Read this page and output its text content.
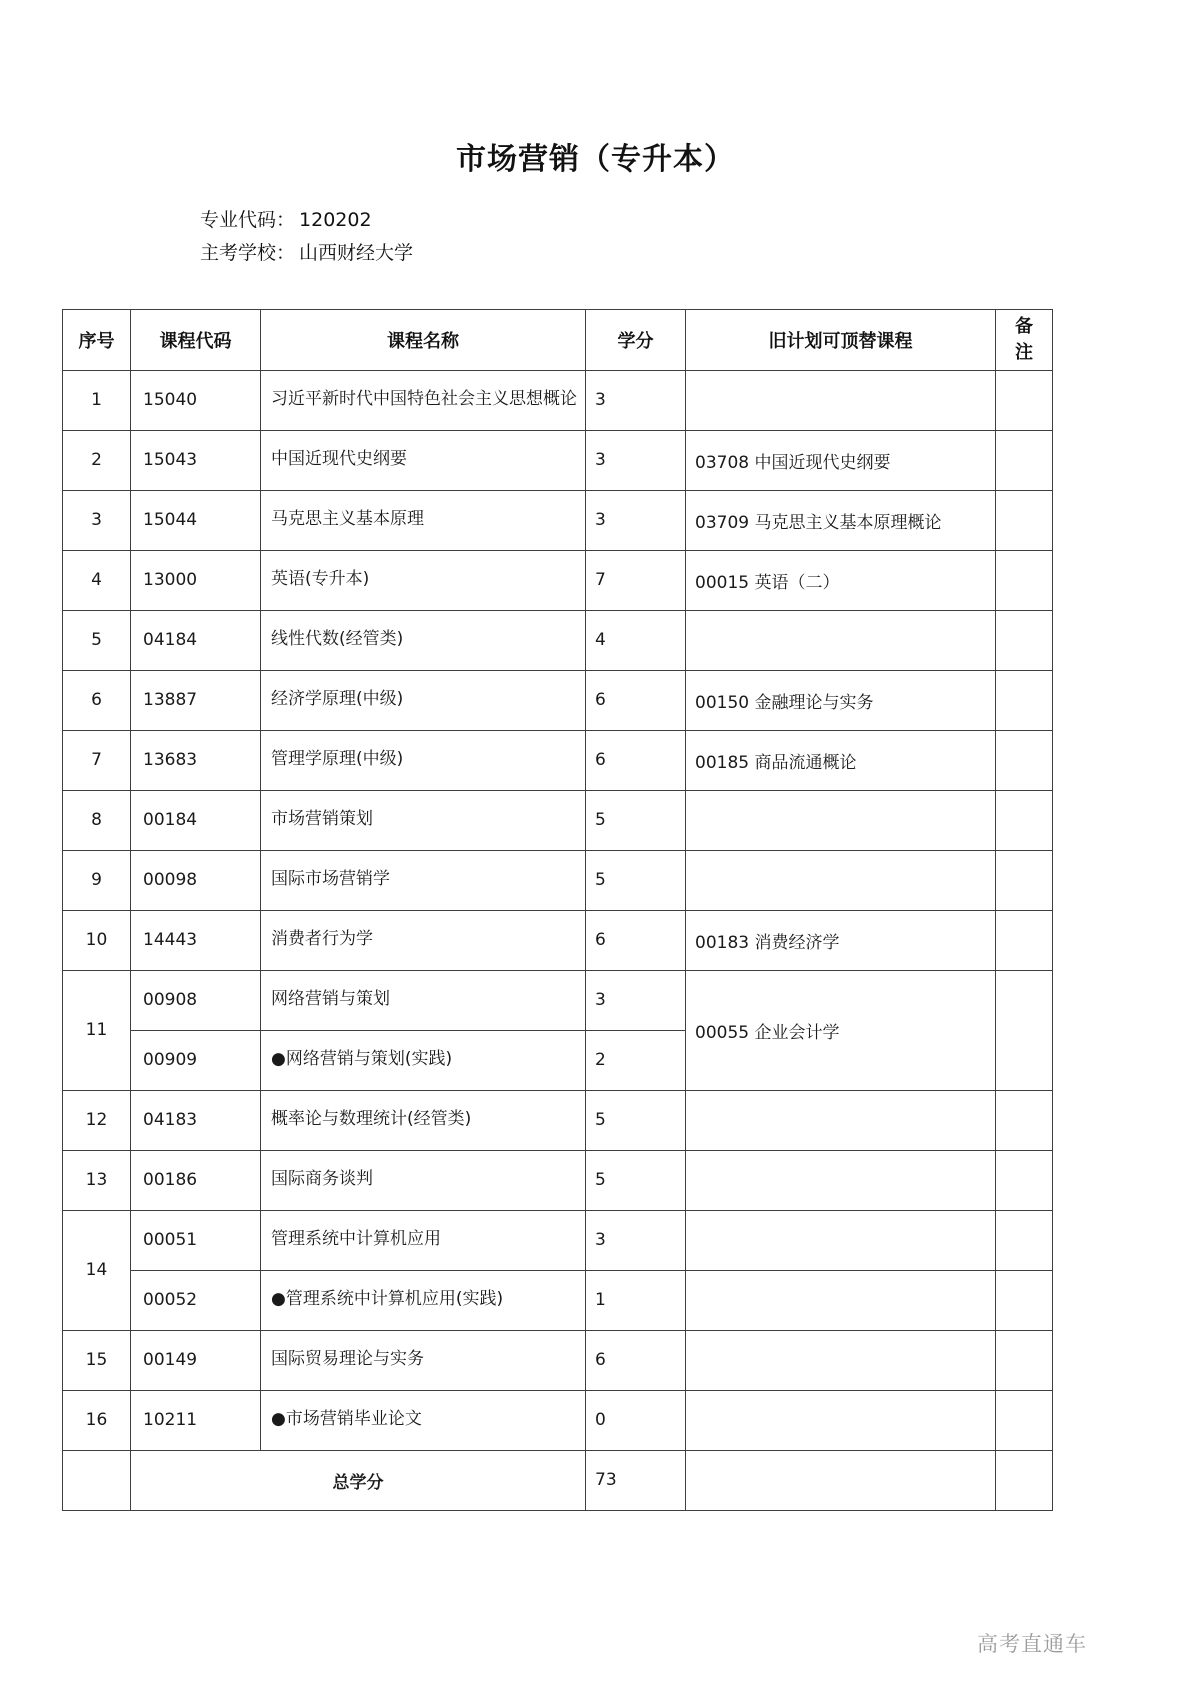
市场营销（专升本）
专业代码： 120202
主考学校： 山西财经大学
序号	课程代码	课程名称	学分	旧计划可顶替课程	备注
1	15040	习近平新时代中国特色社会主义思想概论	3		
2	15043	中国近现代史纲要	3	03708 中国近现代史纲要	
3	15044	马克思主义基本原理	3	03709 马克思主义基本原理概论	
4	13000	英语(专升本)	7	00015 英语（二）	
5	04184	线性代数(经管类)	4		
6	13887	经济学原理(中级)	6	00150 金融理论与实务	
7	13683	管理学原理(中级)	6	00185 商品流通概论	
8	00184	市场营销策划	5		
9	00098	国际市场营销学	5		
10	14443	消费者行为学	6	00183 消费经济学	
11	00908	网络营销与策划	3	00055 企业会计学	
	00909	●网络营销与策划(实践)	2		
12	04183	概率论与数理统计(经管类)	5		
13	00186	国际商务谈判	5		
14	00051	管理系统中计算机应用	3		
	00052	●管理系统中计算机应用(实践)	1		
15	00149	国际贸易理论与实务	6		
16	10211	●市场营销毕业论文	0		
	总学分		73		
高考直通车
